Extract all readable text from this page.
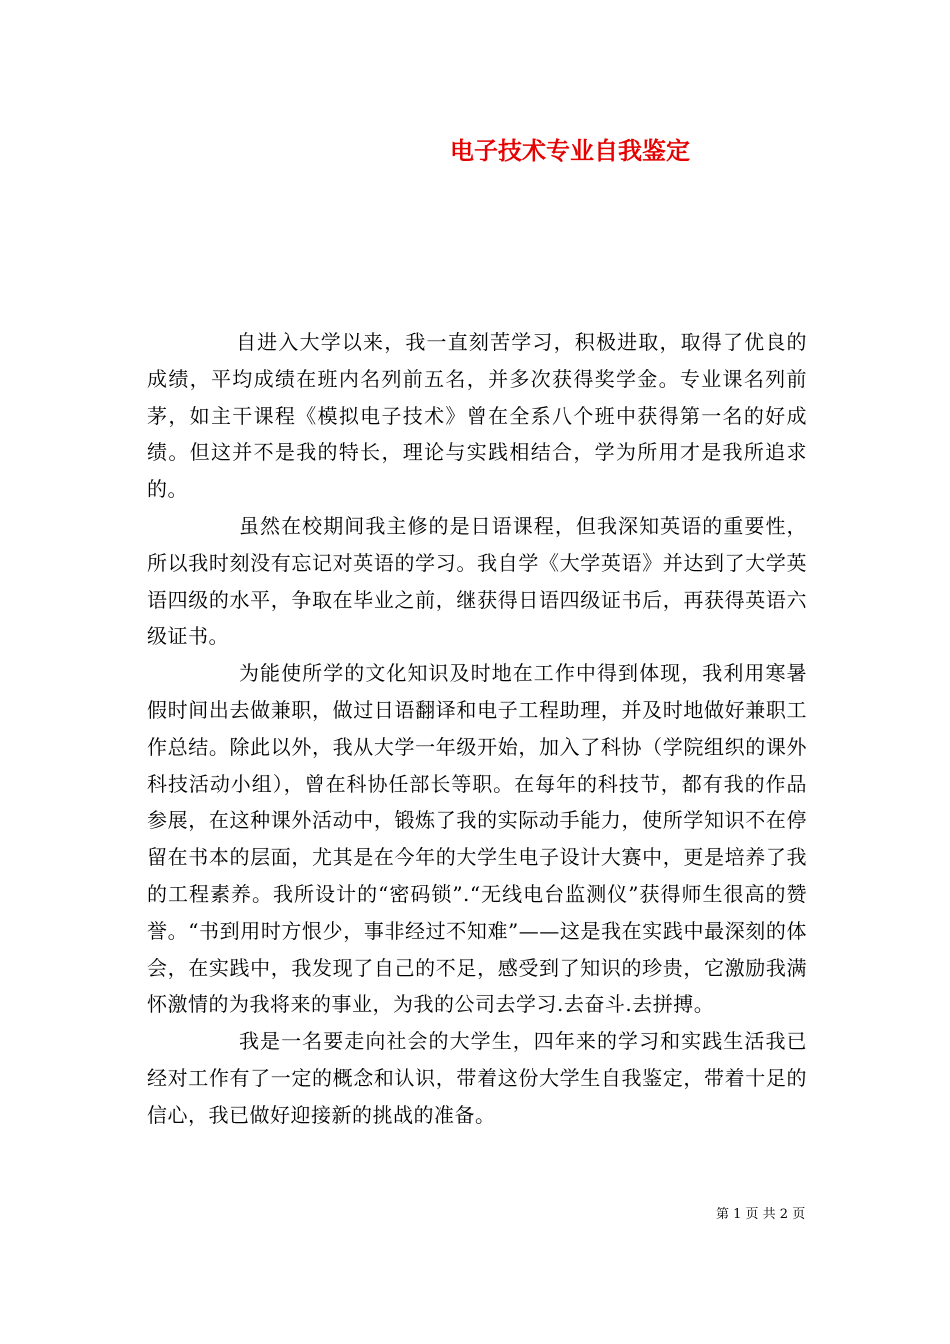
电子技术专业自我鉴定

自进入大学以来，我一直刻苦学习，积极进取，取得了优良的成绩，平均成绩在班内名列前五名，并多次获得奖学金。专业课名列前茅，如主干课程《模拟电子技术》曾在全系八个班中获得第一名的好成绩。但这并不是我的特长，理论与实践相结合，学为所用才是我所追求的。

虽然在校期间我主修的是日语课程，但我深知英语的重要性，所以我时刻没有忘记对英语的学习。我自学《大学英语》并达到了大学英语四级的水平，争取在毕业之前，继获得日语四级证书后，再获得英语六级证书。

为能使所学的文化知识及时地在工作中得到体现，我利用寒暑假时间出去做兼职，做过日语翻译和电子工程助理，并及时地做好兼职工作总结。除此以外，我从大学一年级开始，加入了科协（学院组织的课外科技活动小组），曾在科协任部长等职。在每年的科技节，都有我的作品参展，在这种课外活动中，锻炼了我的实际动手能力，使所学知识不在停留在书本的层面，尤其是在今年的大学生电子设计大赛中，更是培养了我的工程素养。我所设计的“密码锁”.“无线电台监测仪”获得师生很高的赞誉。“书到用时方恨少，事非经过不知难”——这是我在实践中最深刻的体会，在实践中，我发现了自己的不足，感受到了知识的珍贵，它激励我满怀激情的为我将来的事业，为我的公司去学习.去奋斗.去拼搏。

我是一名要走向社会的大学生，四年来的学习和实践生活我已经对工作有了一定的概念和认识，带着这份大学生自我鉴定，带着十足的信心，我已做好迎接新的挑战的准备。

第 1 页 共 2 页
